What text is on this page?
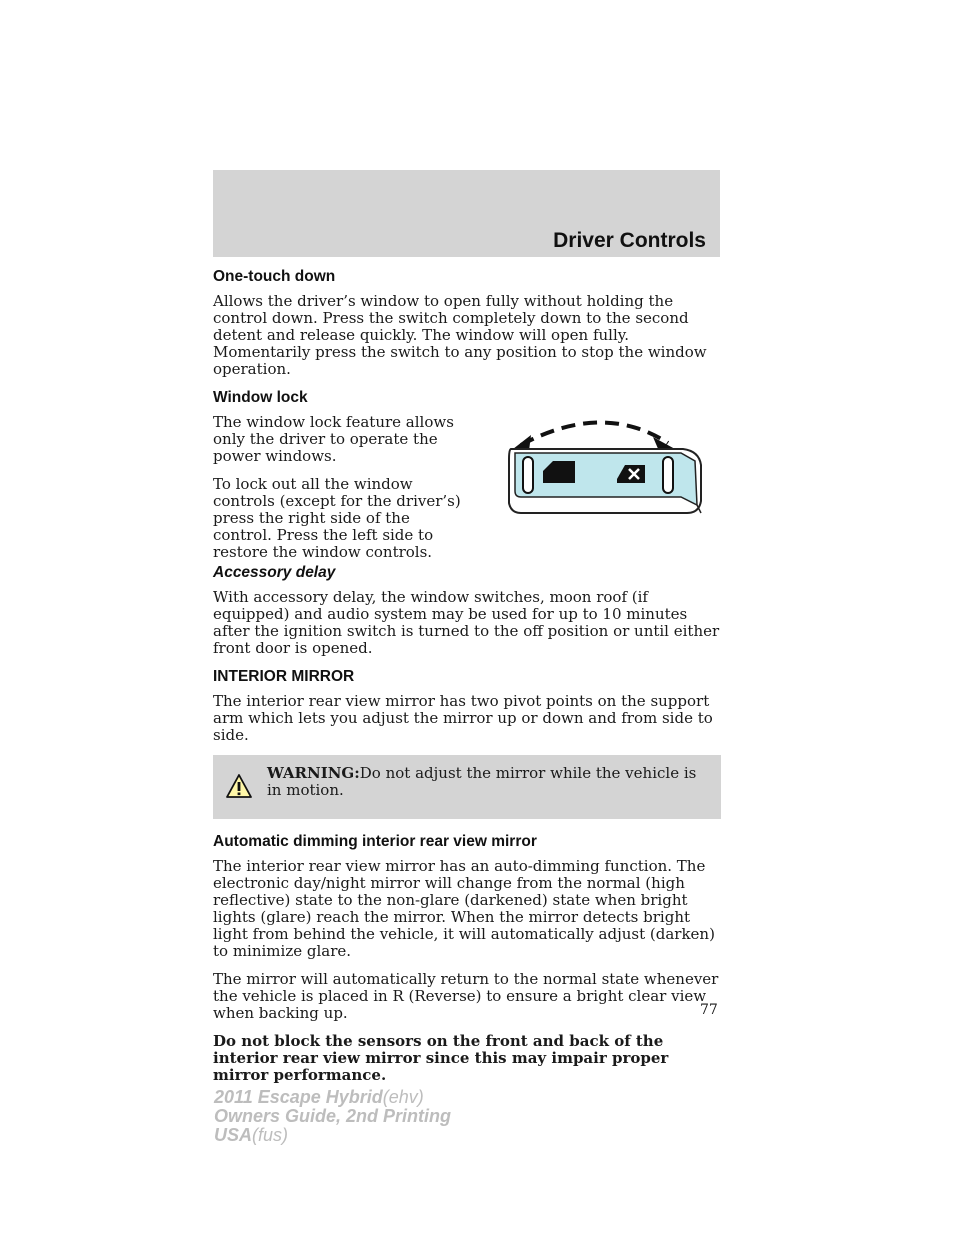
Driver Controls
One-touch down

Allows the driver’s window to open fully without holding the control down. Press the switch completely down to the second detent and release quickly. The window will open fully. Momentarily press the switch to any position to stop the window operation.

Window lock

The window lock feature allows only the driver to operate the power windows.

To lock out all the window controls (except for the driver’s) press the right side of the control. Press the left side to restore the window controls.

Accessory delay

With accessory delay, the window switches, moon roof (if equipped) and audio system may be used for up to 10 minutes after the ignition switch is turned to the off position or until either front door is opened.

INTERIOR MIRROR

The interior rear view mirror has two pivot points on the support arm which lets you adjust the mirror up or down and from side to side.

WARNING:Do not adjust the mirror while the vehicle is in motion.
Automatic dimming interior rear view mirror

The interior rear view mirror has an auto-dimming function. The electronic day/night mirror will change from the normal (high reflective) state to the non-glare (darkened) state when bright lights (glare) reach the mirror. When the mirror detects bright light from behind the vehicle, it will automatically adjust (darken) to minimize glare.

The mirror will automatically return to the normal state whenever the vehicle is placed in R (Reverse) to ensure a bright clear view when backing up.

Do not block the sensors on the front and back of the interior rear view mirror since this may impair proper mirror performance.

77
2011 Escape Hybrid(ehv)
Owners Guide, 2nd Printing
USA(fus)
